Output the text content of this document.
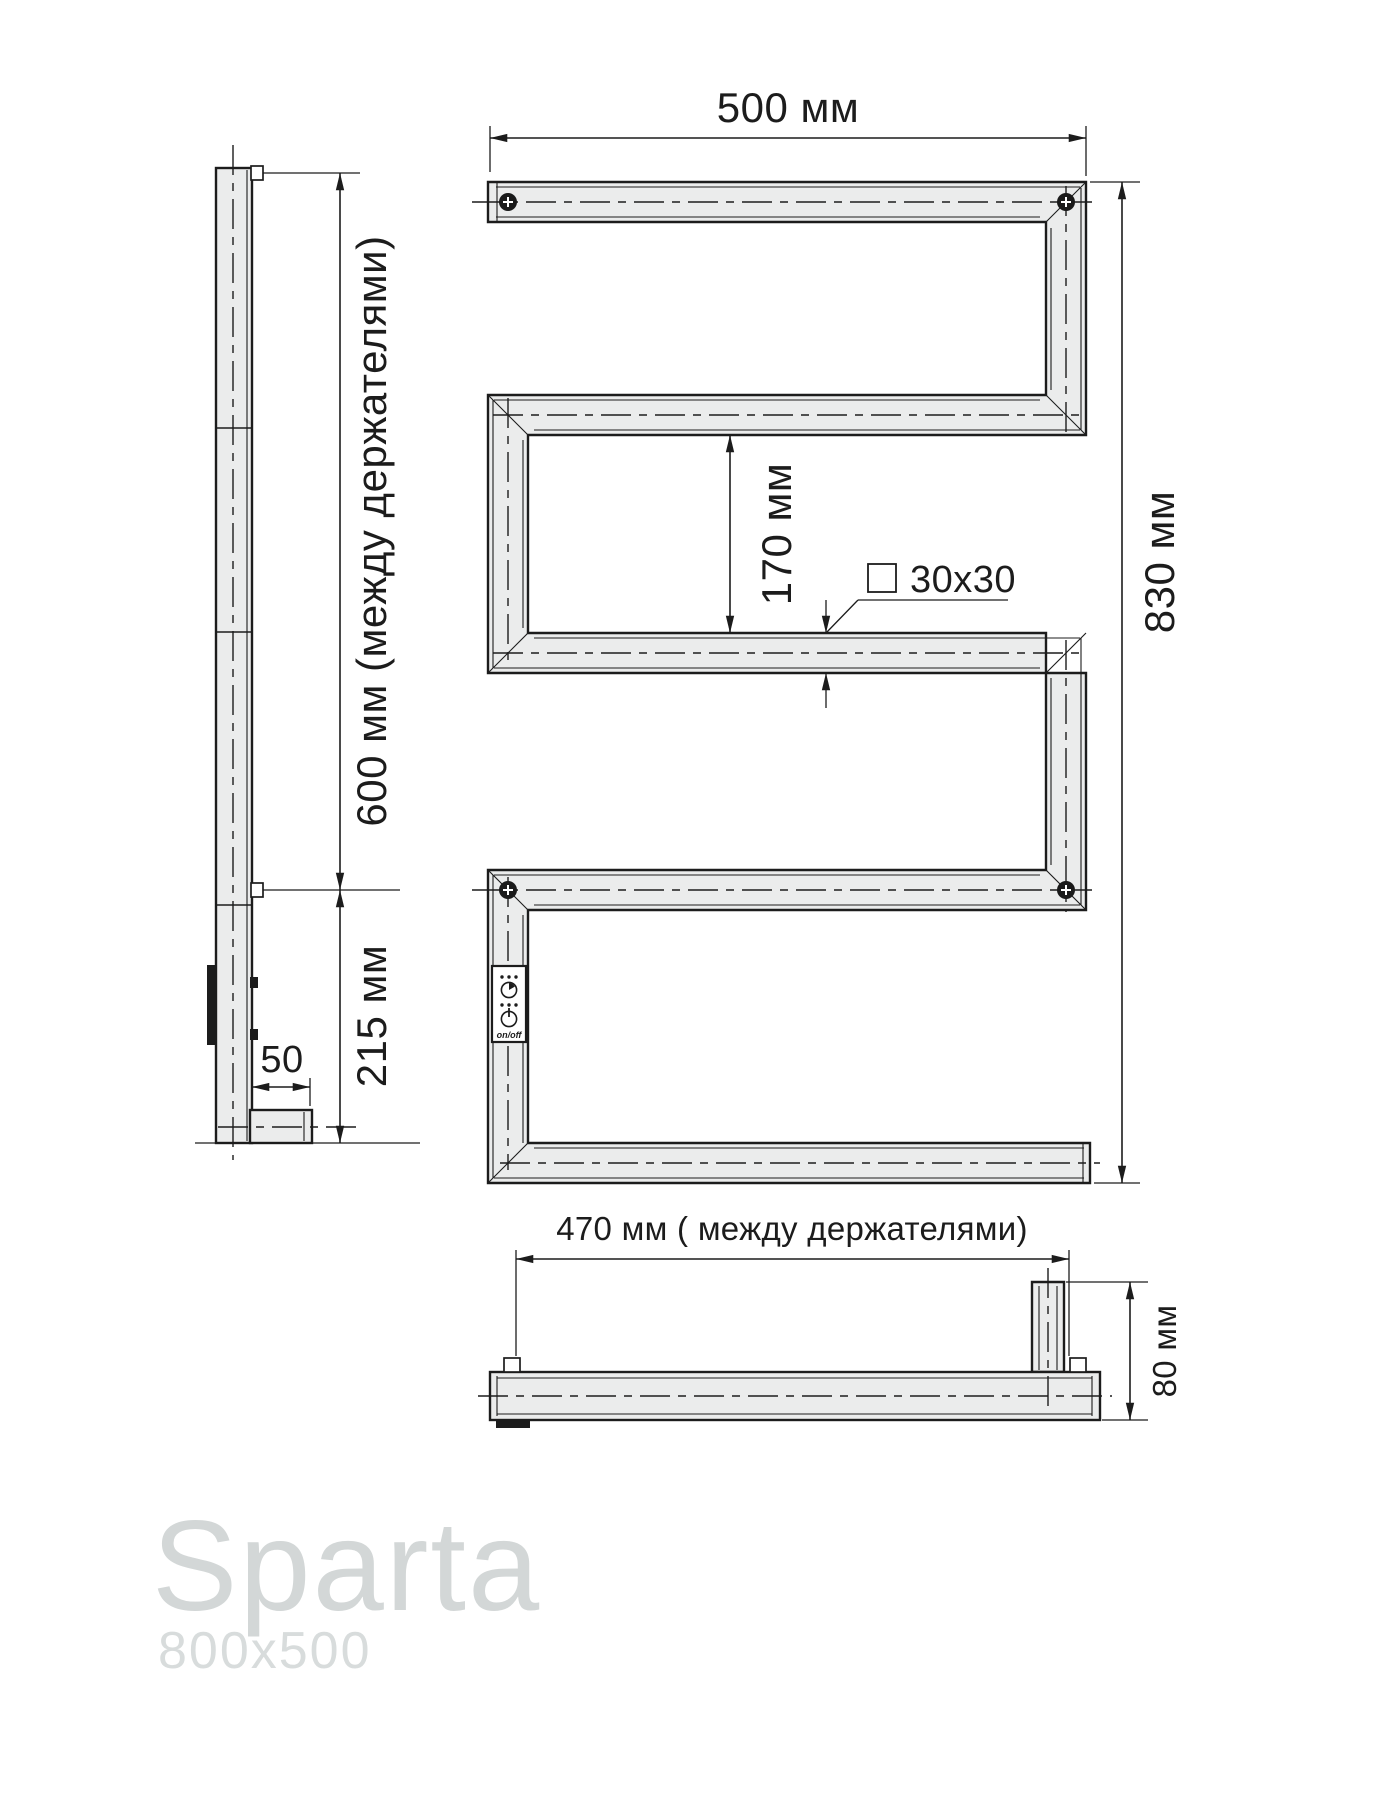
600 мм (между держателями)
215 мм
50
on/off
500 мм
830 мм
170 мм	30x30
470 мм ( между держателями)
80 мм
Sparta
800x500
